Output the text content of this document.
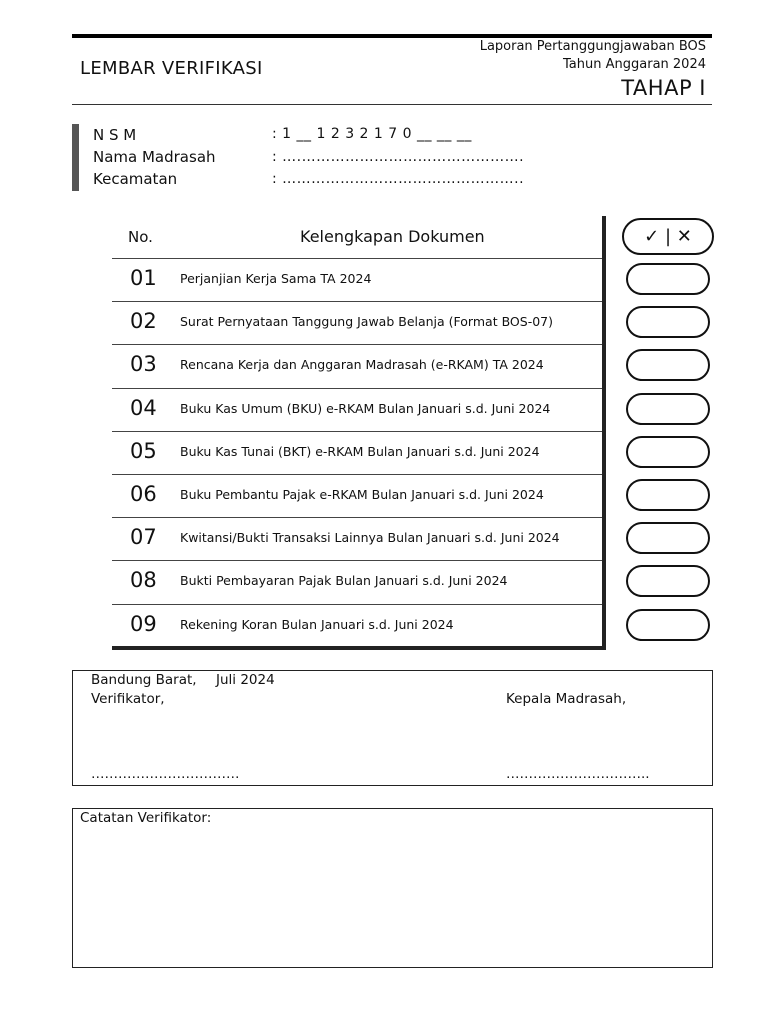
LEMBAR VERIFIKASI
Laporan Pertanggungjawaban BOS
Tahun Anggaran 2024
TAHAP I
N S M	: 1 __ 1 2 3 2 1 7 0 __ __ __
Nama Madrasah	: ….……………………………………….
Kecamatan	: …………………………………………..
No.	Kelengkapan Dokumen	✓ | ✕
01 Perjanjian Kerja Sama TA 2024
02 Surat Pernyataan Tanggung Jawab Belanja (Format BOS-07)
03 Rencana Kerja dan Anggaran Madrasah (e-RKAM) TA 2024
04 Buku Kas Umum (BKU) e-RKAM Bulan Januari s.d. Juni 2024
05 Buku Kas Tunai (BKT) e-RKAM Bulan Januari s.d. Juni 2024
06 Buku Pembantu Pajak e-RKAM Bulan Januari s.d. Juni 2024
07 Kwitansi/Bukti Transaksi Lainnya Bulan Januari s.d. Juni 2024
08 Bukti Pembayaran Pajak Bulan Januari s.d. Juni 2024
09 Rekening Koran Bulan Januari s.d. Juni 2024
Bandung Barat, Juli 2024
Verifikator,	Kepala Madrasah,
……………………………	…………………………..
Catatan Verifikator:
